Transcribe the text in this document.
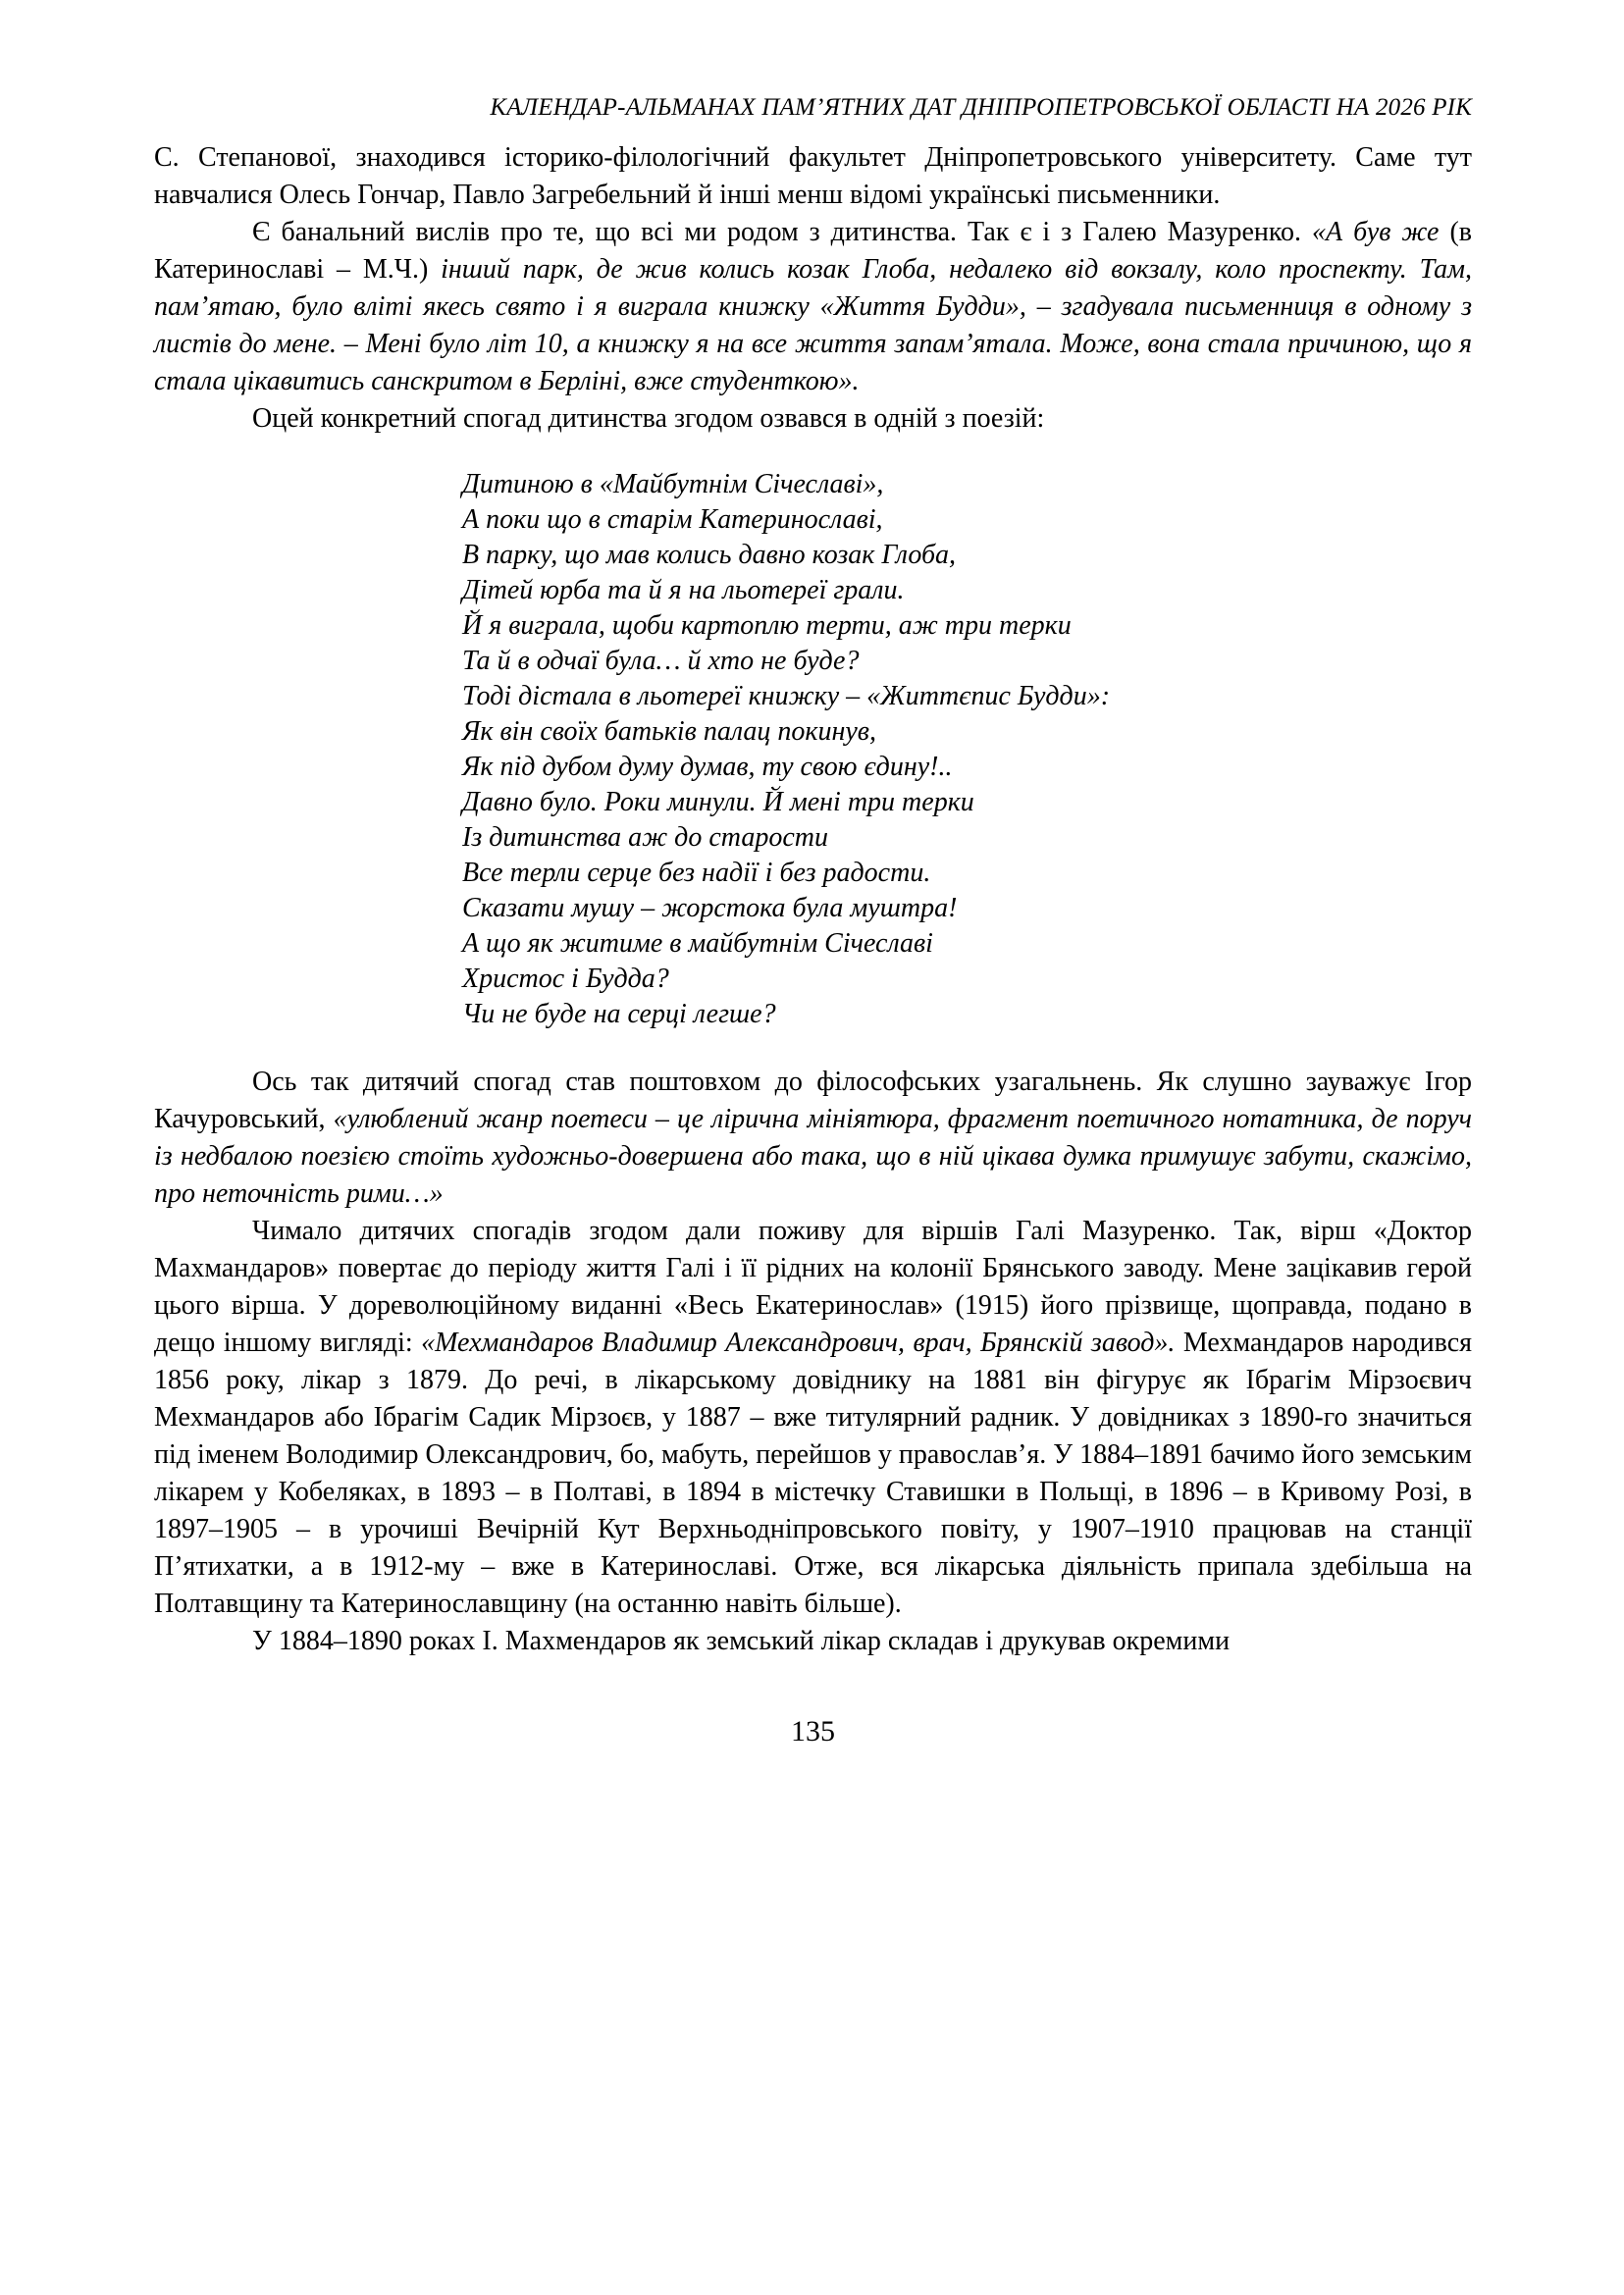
КАЛЕНДАР-АЛЬМАНАХ ПАМ’ЯТНИХ ДАТ ДНІПРОПЕТРОВСЬКОЇ ОБЛАСТІ НА 2026 РІК

С. Степанової, знаходився історико-філологічний факультет Дніпропетровського університету. Саме тут навчалися Олесь Гончар, Павло Загребельний й інші менш відомі українські письменники.

Є банальний вислів про те, що всі ми родом з дитинства. Так є і з Галею Мазуренко. «А був же (в Катеринославі – М.Ч.) інший парк, де жив колись козак Глоба, недалеко від вокзалу, коло проспекту. Там, пам’ятаю, було вліті якесь свято і я виграла книжку «Життя Будди», – згадувала письменниця в одному з листів до мене. – Мені було літ 10, а книжку я на все життя запам’ятала. Може, вона стала причиною, що я стала цікавитись санскритом в Берліні, вже студенткою».

Оцей конкретний спогад дитинства згодом озвався в одній з поезій:

Дитиною в «Майбутнім Січеславі»,
А поки що в старім Катеринославі,
В парку, що мав колись давно козак Глоба,
Дітей юрба та й я на льотереї грали.
Й я виграла, щоби картоплю терти, аж три терки
Та й в одчаї була… й хто не буде?
Тоді дістала в льотереї книжку – «Життєпис Будди»:
Як він своїх батьків палац покинув,
Як під дубом думу думав, ту свою єдину!..
Давно було. Роки минули. Й мені три терки
Із дитинства аж до старости
Все терли серце без надії і без радости.
Сказати мушу – жорстока була муштра!
А що як житиме в майбутнім Січеславі
Христос і Будда?
Чи не буде на серці легше?

Ось так дитячий спогад став поштовхом до філософських узагальнень. Як слушно зауважує Ігор Качуровський, «улюблений жанр поетеси – це лірична мініятюра, фрагмент поетичного нотатника, де поруч із недбалою поезією стоїть художньо-довершена або така, що в ній цікава думка примушує забути, скажімо, про неточність рими…»

Чимало дитячих спогадів згодом дали поживу для віршів Галі Мазуренко. Так, вірш «Доктор Махмандаров» повертає до періоду життя Галі і її рідних на колонії Брянського заводу. Мене зацікавив герой цього вірша. У дореволюційному виданні «Весь Екатеринослав» (1915) його прізвище, щоправда, подано в дещо іншому вигляді: «Мехмандаров Владимир Александрович, врач, Брянскій завод». Мехмандаров народився 1856 року, лікар з 1879. До речі, в лікарському довіднику на 1881 він фігурує як Ібрагім Мірзоєвич Мехмандаров або Ібрагім Садик Мірзоєв, у 1887 – вже титулярний радник. У довідниках з 1890-го значиться під іменем Володимир Олександрович, бо, мабуть, перейшов у православ’я. У 1884–1891 бачимо його земським лікарем у Кобеляках, в 1893 – в Полтаві, в 1894 в містечку Ставишки в Польщі, в 1896 – в Кривому Розі, в 1897–1905 – в урочиші Вечірній Кут Верхньодніпровського повіту, у 1907–1910 працював на станції П’ятихатки, а в 1912-му – вже в Катеринославі. Отже, вся лікарська діяльність припала здебільша на Полтавщину та Катеринославщину (на останню навіть більше).

У 1884–1890 роках І. Махмендаров як земський лікар складав і друкував окремими

135
